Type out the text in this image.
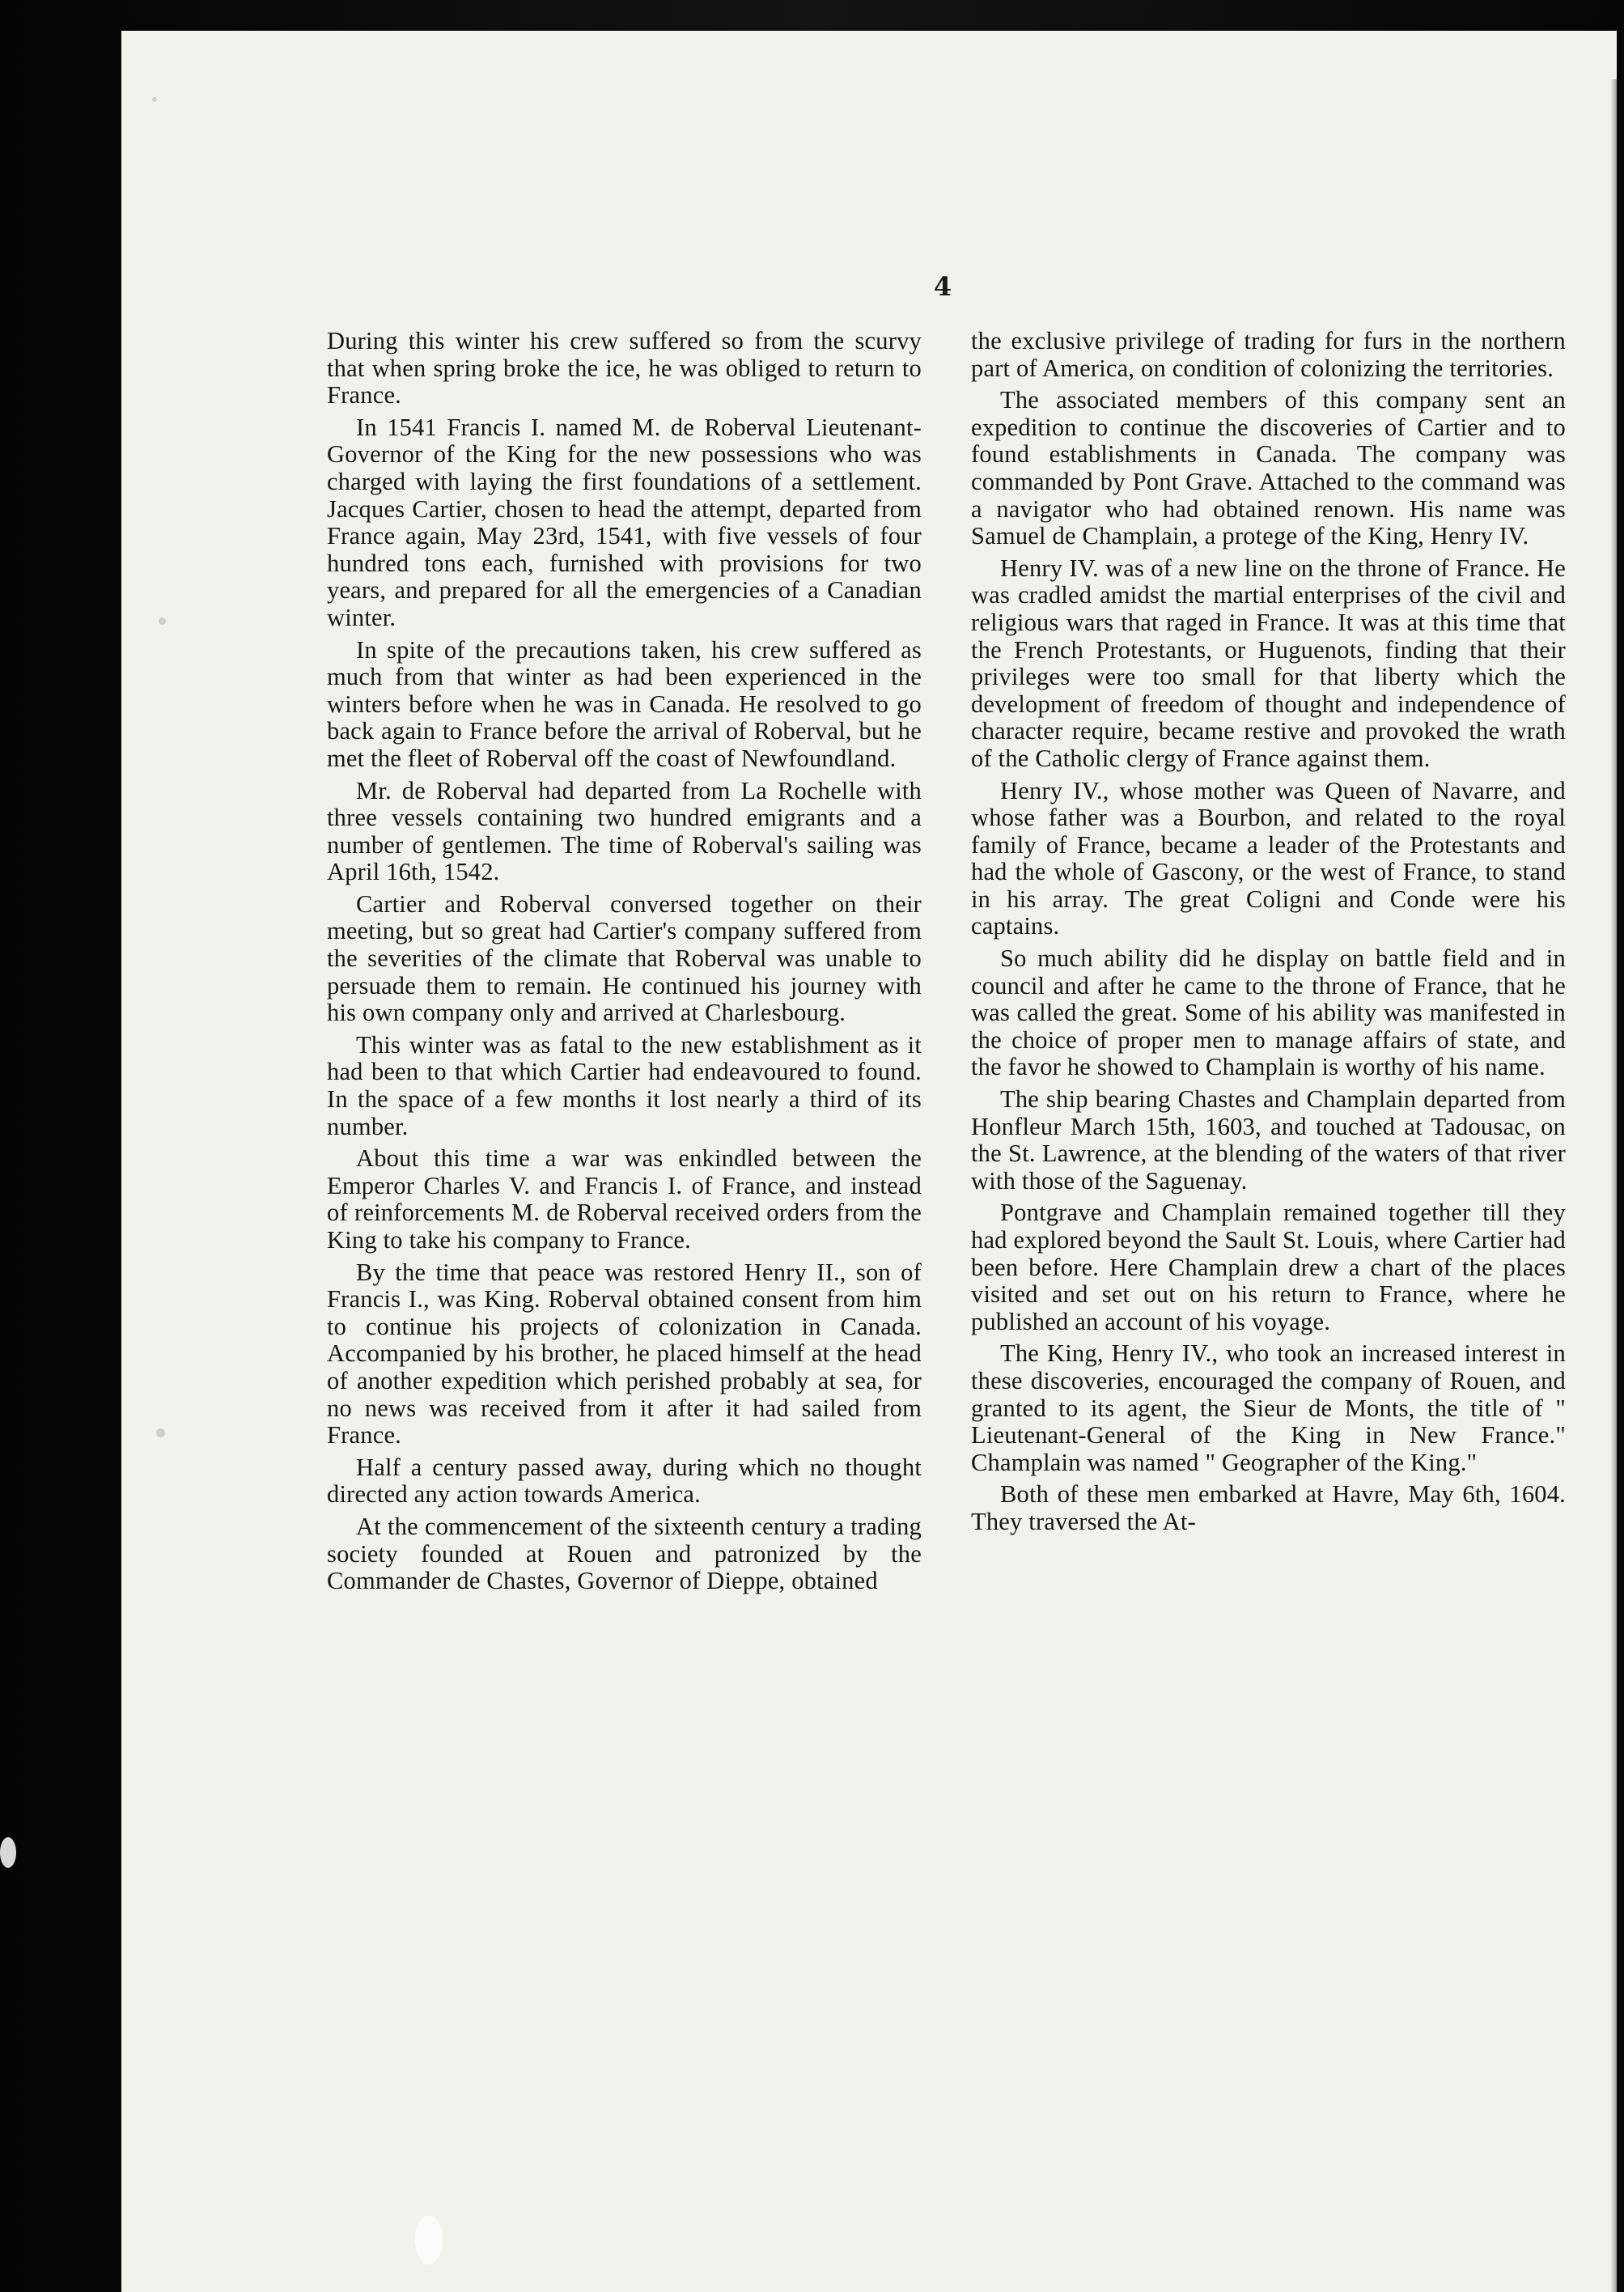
4

During this winter his crew suffered so from the scurvy that when spring broke the ice, he was obliged to return to France.

In 1541 Francis I. named M. de Roberval Lieutenant-Governor of the King for the new possessions who was charged with laying the first foundations of a settlement. Jacques Cartier, chosen to head the attempt, departed from France again, May 23rd, 1541, with five vessels of four hundred tons each, furnished with provisions for two years, and prepared for all the emergencies of a Canadian winter.

In spite of the precautions taken, his crew suffered as much from that winter as had been experienced in the winters before when he was in Canada. He resolved to go back again to France before the arrival of Roberval, but he met the fleet of Roberval off the coast of Newfoundland.

Mr. de Roberval had departed from La Rochelle with three vessels containing two hundred emigrants and a number of gentlemen. The time of Roberval's sailing was April 16th, 1542.

Cartier and Roberval conversed together on their meeting, but so great had Cartier's company suffered from the severities of the climate that Roberval was unable to persuade them to remain. He continued his journey with his own company only and arrived at Charlesbourg.

This winter was as fatal to the new establishment as it had been to that which Cartier had endeavoured to found. In the space of a few months it lost nearly a third of its number.

About this time a war was enkindled between the Emperor Charles V. and Francis I. of France, and instead of reinforcements M. de Roberval received orders from the King to take his company to France.

By the time that peace was restored Henry II., son of Francis I., was King. Roberval obtained consent from him to continue his projects of colonization in Canada. Accompanied by his brother, he placed himself at the head of another expedition which perished probably at sea, for no news was received from it after it had sailed from France.

Half a century passed away, during which no thought directed any action towards America.

At the commencement of the sixteenth century a trading society founded at Rouen and patronized by the Commander de Chastes, Governor of Dieppe, obtained

the exclusive privilege of trading for furs in the northern part of America, on condition of colonizing the territories.

The associated members of this company sent an expedition to continue the discoveries of Cartier and to found establishments in Canada. The company was commanded by Pont Grave. Attached to the command was a navigator who had obtained renown. His name was Samuel de Champlain, a protege of the King, Henry IV.

Henry IV. was of a new line on the throne of France. He was cradled amidst the martial enterprises of the civil and religious wars that raged in France. It was at this time that the French Protestants, or Huguenots, finding that their privileges were too small for that liberty which the development of freedom of thought and independence of character require, became restive and provoked the wrath of the Catholic clergy of France against them.

Henry IV., whose mother was Queen of Navarre, and whose father was a Bourbon, and related to the royal family of France, became a leader of the Protestants and had the whole of Gascony, or the west of France, to stand in his array. The great Coligni and Conde were his captains.

So much ability did he display on battle field and in council and after he came to the throne of France, that he was called the great. Some of his ability was manifested in the choice of proper men to manage affairs of state, and the favor he showed to Champlain is worthy of his name.

The ship bearing Chastes and Champlain departed from Honfleur March 15th, 1603, and touched at Tadousac, on the St. Lawrence, at the blending of the waters of that river with those of the Saguenay.

Pontgrave and Champlain remained together till they had explored beyond the Sault St. Louis, where Cartier had been before. Here Champlain drew a chart of the places visited and set out on his return to France, where he published an account of his voyage.

The King, Henry IV., who took an increased interest in these discoveries, encouraged the company of Rouen, and granted to its agent, the Sieur de Monts, the title of " Lieutenant-General of the King in New France." Champlain was named " Geographer of the King."

Both of these men embarked at Havre, May 6th, 1604. They traversed the At-
